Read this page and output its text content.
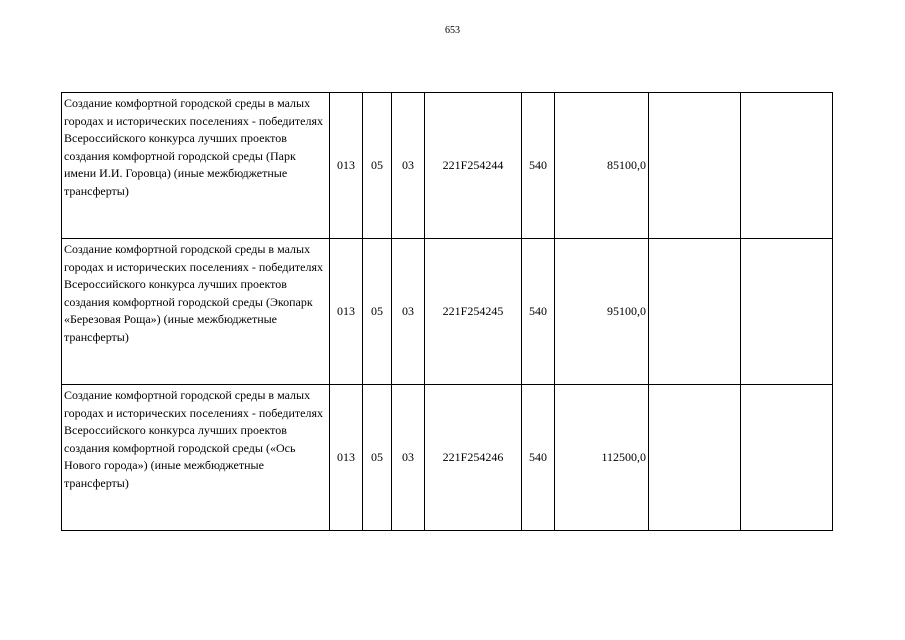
653
Создание комфортной городской среды в малых городах и исторических поселениях - победителях Всероссийского конкурса лучших проектов создания комфортной городской среды (Парк имени И.И. Горовца) (иные межбюджетные трансферты)	013	05	03	221F254244	540	85100,0		
Создание комфортной городской среды в малых городах и исторических поселениях - победителях Всероссийского конкурса лучших проектов создания комфортной городской среды (Экопарк «Березовая Роща») (иные межбюджетные трансферты)	013	05	03	221F254245	540	95100,0		
Создание комфортной городской среды в малых городах и исторических поселениях - победителях Всероссийского конкурса лучших проектов создания комфортной городской среды («Ось Нового города») (иные межбюджетные трансферты)	013	05	03	221F254246	540	112500,0		
